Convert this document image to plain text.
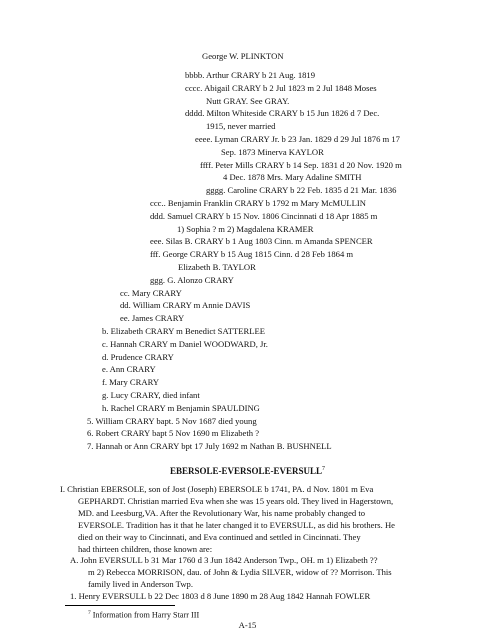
George W. PLINKTON
bbbb. Arthur CRARY b 21 Aug. 1819
cccc. Abigail CRARY b 2 Jul 1823 m 2 Jul 1848 Moses
Nutt GRAY. See GRAY.
dddd. Milton Whiteside CRARY b 15 Jun 1826 d 7 Dec.
1915, never married
eeee. Lyman CRARY Jr. b 23 Jan. 1829 d 29 Jul 1876 m 17
Sep. 1873 Minerva KAYLOR
ffff. Peter Mills CRARY b 14 Sep. 1831 d 20 Nov. 1920 m
4 Dec. 1878 Mrs. Mary Adaline SMITH
gggg. Caroline CRARY b 22 Feb. 1835 d 21 Mar. 1836
ccc.. Benjamin Franklin CRARY b 1792 m Mary McMULLIN
ddd. Samuel CRARY b 15 Nov. 1806 Cincinnati d 18 Apr 1885 m
1) Sophia ? m 2) Magdalena KRAMER
eee. Silas B. CRARY b 1 Aug 1803 Cinn. m Amanda SPENCER
fff. George CRARY b 15 Aug 1815 Cinn. d 28 Feb 1864 m
Elizabeth B. TAYLOR
ggg. G. Alonzo CRARY
cc. Mary CRARY
dd. William CRARY m Annie DAVIS
ee. James CRARY
b. Elizabeth CRARY m Benedict SATTERLEE
c. Hannah CRARY m Daniel WOODWARD, Jr.
d. Prudence CRARY
e. Ann CRARY
f. Mary CRARY
g. Lucy CRARY, died infant
h. Rachel CRARY m Benjamin SPAULDING
5. William CRARY bapt. 5 Nov 1687 died young
6. Robert CRARY bapt 5 Nov 1690 m Elizabeth ?
7. Hannah or Ann CRARY bpt 17 July 1692 m Nathan B. BUSHNELL
EBERSOLE-EVERSOLE-EVERSULL$^7$
I. Christian EBERSOLE, son of Jost (Joseph) EBERSOLE b 1741, PA. d Nov. 1801 m Eva
GEPHARDT. Christian married Eva when she was 15 years old. They lived in Hagerstown,
MD. and Leesburg,VA. After the Revolutionary War, his name probably changed to
EVERSOLE. Tradition has it that he later changed it to EVERSULL, as did his brothers. He
died on their way to Cincinnati, and Eva continued and settled in Cincinnati. They
had thirteen children, those known are:
A. John EVERSULL b 31 Mar 1760 d 3 Jun 1842 Anderson Twp., OH. m 1) Elizabeth ??
m 2) Rebecca MORRISON, dau. of John & Lydia SILVER, widow of ?? Morrison. This
family lived in Anderson Twp.
1. Henry EVERSULL b 22 Dec 1803 d 8 June 1890 m 28 Aug 1842 Hannah FOWLER
$^7$ Information from Harry Starr III
A-15
